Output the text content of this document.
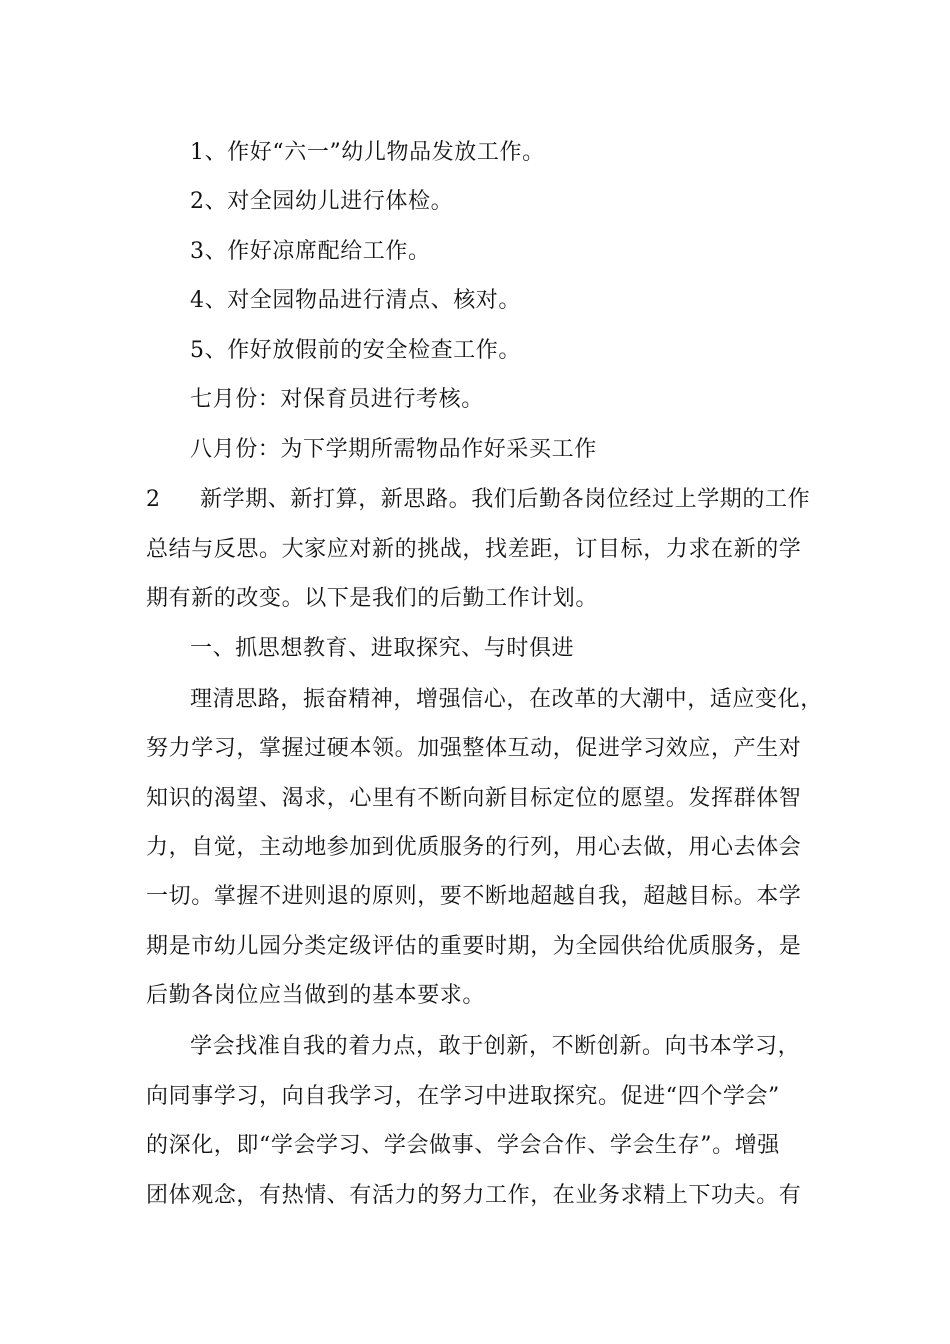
1、作好“六一”幼儿物品发放工作。
2、对全园幼儿进行体检。
3、作好凉席配给工作。
4、对全园物品进行清点、核对。
5、作好放假前的安全检查工作。
七月份：对保育员进行考核。
八月份：为下学期所需物品作好采买工作
2 新学期、新打算，新思路。我们后勤各岗位经过上学期的工作
总结与反思。大家应对新的挑战，找差距，订目标，力求在新的学
期有新的改变。以下是我们的后勤工作计划。
一、抓思想教育、进取探究、与时俱进
理清思路，振奋精神，增强信心，在改革的大潮中，适应变化，
努力学习，掌握过硬本领。加强整体互动，促进学习效应，产生对
知识的渴望、渴求，心里有不断向新目标定位的愿望。发挥群体智
力，自觉，主动地参加到优质服务的行列，用心去做，用心去体会
一切。掌握不进则退的原则，要不断地超越自我，超越目标。本学
期是市幼儿园分类定级评估的重要时期，为全园供给优质服务，是
后勤各岗位应当做到的基本要求。
学会找准自我的着力点，敢于创新，不断创新。向书本学习，
向同事学习，向自我学习，在学习中进取探究。促进“四个学会”
的深化，即“学会学习、学会做事、学会合作、学会生存”。增强
团体观念，有热情、有活力的努力工作，在业务求精上下功夫。有
